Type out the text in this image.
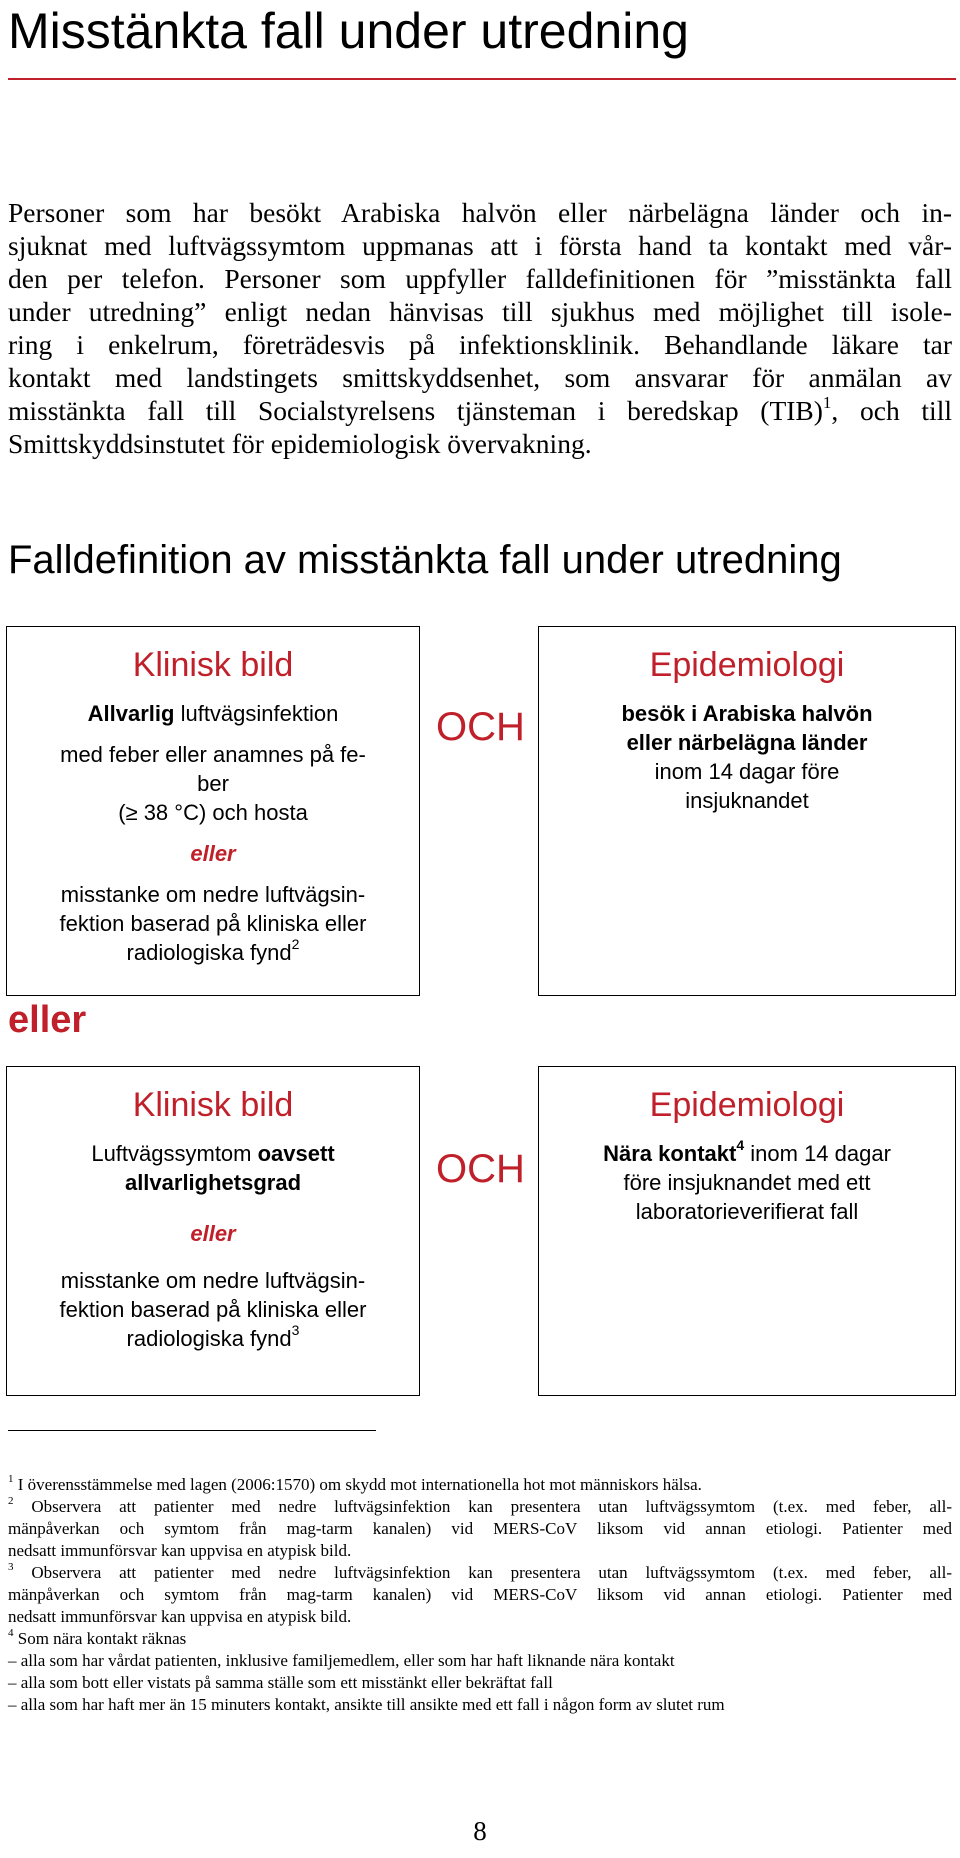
Misstänkta fall under utredning
Personer som har besökt Arabiska halvön eller närbelägna länder och in-
sjuknat med luftvägssymtom uppmanas att i första hand ta kontakt med vår-
den per telefon. Personer som uppfyller falldefinitionen för ”misstänkta fall
under utredning” enligt nedan hänvisas till sjukhus med möjlighet till isole-
ring i enkelrum, företrädesvis på infektionsklinik. Behandlande läkare tar
kontakt med landstingets smittskyddsenhet, som ansvarar för anmälan av
misstänkta fall till Socialstyrelsens tjänsteman i beredskap (TIB)$^1$, och till
Smittskyddsinstutet för epidemiologisk övervakning.
Falldefinition av misstänkta fall under utredning
Klinisk bild

Allvarlig luftvägsinfektion

med feber eller anamnes på fe-

ber

(≥ 38 °C) och hosta

eller

misstanke om nedre luftvägsin-

fektion baserad på kliniska eller

radiologiska fynd$^2$

OCH
Epidemiologi

besök i Arabiska halvön

eller närbelägna länder

inom 14 dagar före

insjuknandet

eller
Klinisk bild

Luftvägssymtom oavsett

allvarlighetsgrad

eller

misstanke om nedre luftvägsin-

fektion baserad på kliniska eller

radiologiska fynd$^3$

OCH
Epidemiologi

Nära kontakt$^4$ inom 14 dagar

före insjuknandet med ett

laboratorieverifierat fall

$^1$ I överensstämmelse med lagen (2006:1570) om skydd mot internationella hot mot människors hälsa.
$^2$ Observera att patienter med nedre luftvägsinfektion kan presentera utan luftvägssymtom (t.ex. med feber, all-
mänpåverkan och symtom från mag-tarm kanalen) vid MERS-CoV liksom vid annan etiologi. Patienter med
nedsatt immunförsvar kan uppvisa en atypisk bild.
$^3$ Observera att patienter med nedre luftvägsinfektion kan presentera utan luftvägssymtom (t.ex. med feber, all-
mänpåverkan och symtom från mag-tarm kanalen) vid MERS-CoV liksom vid annan etiologi. Patienter med
nedsatt immunförsvar kan uppvisa en atypisk bild.
$^4$ Som nära kontakt räknas
– alla som har vårdat patienten, inklusive familjemedlem, eller som har haft liknande nära kontakt
– alla som bott eller vistats på samma ställe som ett misstänkt eller bekräftat fall
– alla som har haft mer än 15 minuters kontakt, ansikte till ansikte med ett fall i någon form av slutet rum
8
